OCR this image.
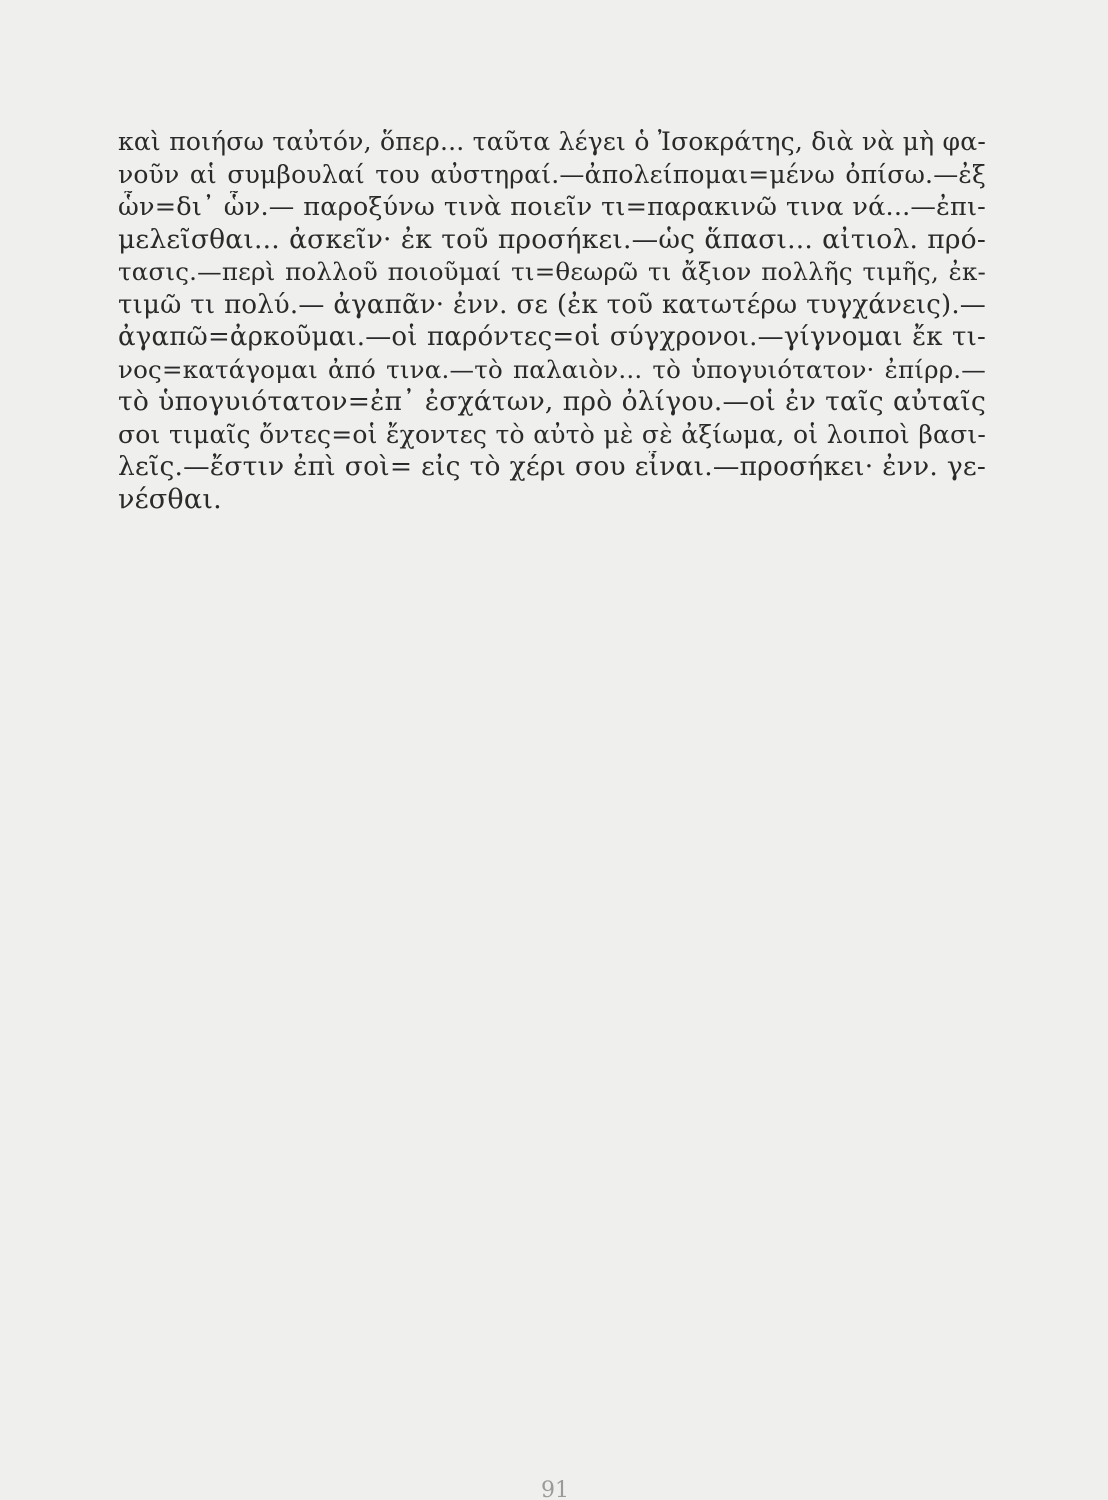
καὶ ποιήσω ταὐτόν, ὅπερ... ταῦτα λέγει ὁ Ἰσοκράτης, διὰ νὰ μὴ φα-
νοῦν αἱ συμβουλαί του αὐστηραί.—ἀπολείπομαι=μένω ὀπίσω.—ἐξ
ὧν=δι᾽ ὧν.— παροξύνω τινὰ ποιεῖν τι=παρακινῶ τινα νά...—ἐπι-
μελεῖσθαι... ἀσκεῖν· ἐκ τοῦ προσήκει.—ὡς ἅπασι... αἰτιολ. πρό-
τασις.—περὶ πολλοῦ ποιοῦμαί τι=θεωρῶ τι ἄξιον πολλῆς τιμῆς, ἐκ-
τιμῶ τι πολύ.— ἀγαπᾶν· ἐνν. σε (ἐκ τοῦ κατωτέρω τυγχάνεις).—
ἀγαπῶ=ἀρκοῦμαι.—οἱ παρόντες=οἱ σύγχρονοι.—γίγνομαι ἔκ τι-
νος=κατάγομαι ἀπό τινα.—τὸ παλαιὸν... τὸ ὑπογυιότατον· ἐπίρρ.—
τὸ ὑπογυιότατον=ἐπ᾽ ἐσχάτων, πρὸ ὀλίγου.—οἱ ἐν ταῖς αὐταῖς
σοι τιμαῖς ὄντες=οἱ ἔχοντες τὸ αὐτὸ μὲ σὲ ἀξίωμα, οἱ λοιποὶ βασι-
λεῖς.—ἔστιν ἐπὶ σοὶ= εἰς τὸ χέρι σου εἶναι.—προσήκει· ἐνν. γε-
νέσθαι.
91
